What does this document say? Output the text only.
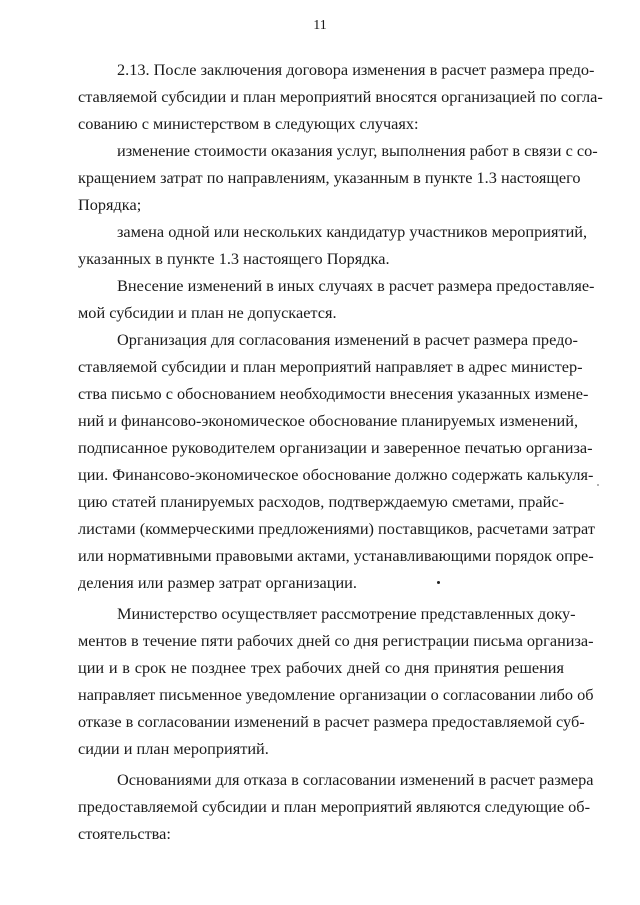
11
2.13. После заключения договора изменения в расчет размера предо-
ставляемой субсидии и план мероприятий вносятся организацией по согла-
сованию с министерством в следующих случаях:
изменение стоимости оказания услуг, выполнения работ в связи с со-
кращением затрат по направлениям, указанным в пункте 1.3 настоящего
Порядка;
замена одной или нескольких кандидатур участников мероприятий,
указанных в пункте 1.3 настоящего Порядка.
Внесение изменений в иных случаях в расчет размера предоставляе-
мой субсидии и план не допускается.
Организация для согласования изменений в расчет размера предо-
ставляемой субсидии и план мероприятий направляет в адрес министер-
ства письмо с обоснованием необходимости внесения указанных измене-
ний и финансово-экономическое обоснование планируемых изменений,
подписанное руководителем организации и заверенное печатью организа-
ции. Финансово-экономическое обоснование должно содержать калькуля-
цию статей планируемых расходов, подтверждаемую сметами, прайс-
листами (коммерческими предложениями) поставщиков, расчетами затрат
или нормативными правовыми актами, устанавливающими порядок опре-
деления или размер затрат организации.
Министерство осуществляет рассмотрение представленных доку-
ментов в течение пяти рабочих дней со дня регистрации письма организа-
ции и в срок не позднее трех рабочих дней со дня принятия решения
направляет письменное уведомление организации о согласовании либо об
отказе в согласовании изменений в расчет размера предоставляемой суб-
сидии и план мероприятий.
Основаниями для отказа в согласовании изменений в расчет размера
предоставляемой субсидии и план мероприятий являются следующие об-
стоятельства:
